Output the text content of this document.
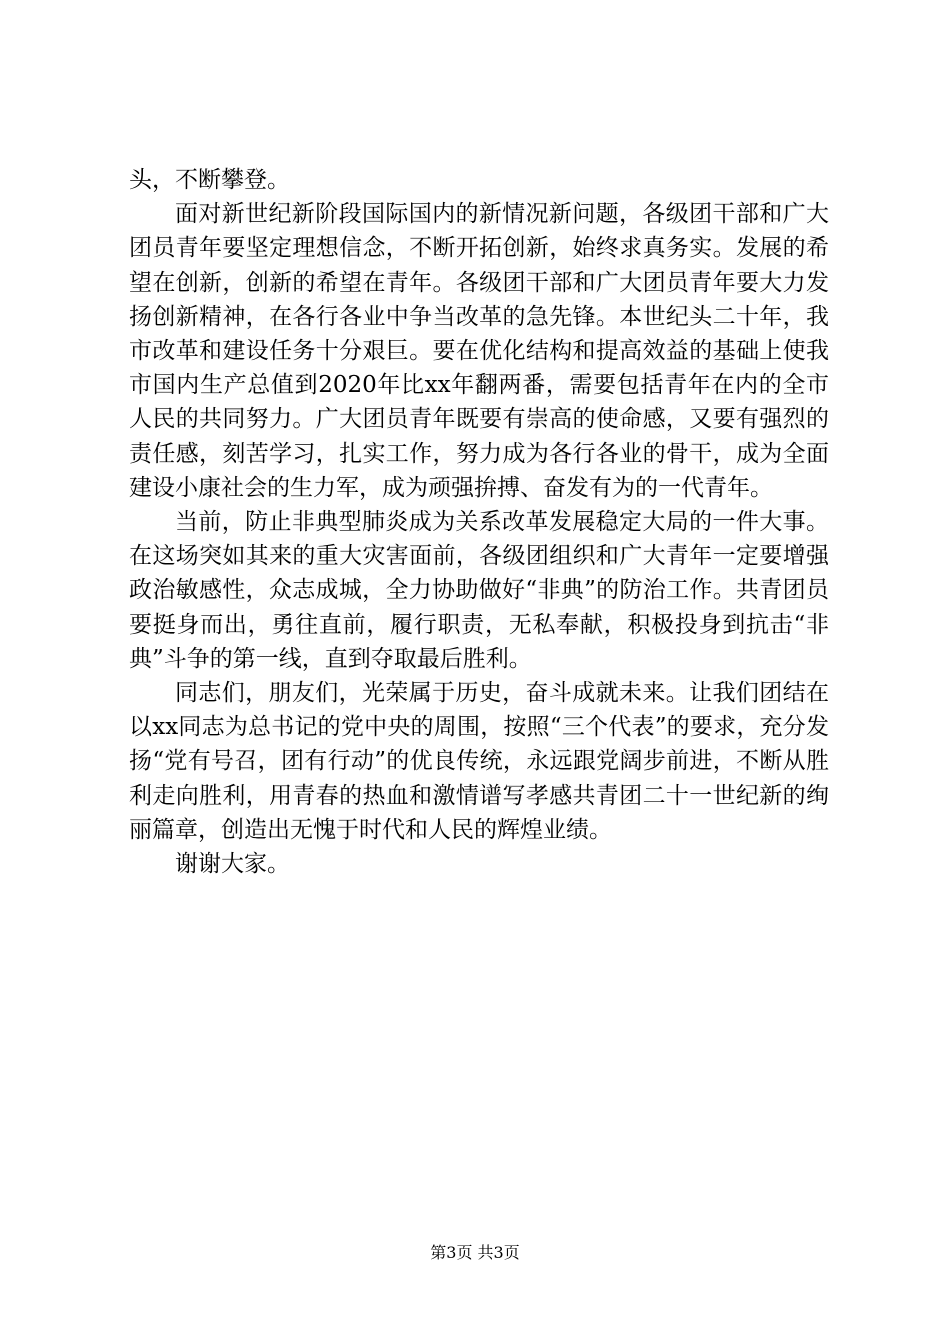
头，不断攀登。

面对新世纪新阶段国际国内的新情况新问题，各级团干部和广大团员青年要坚定理想信念，不断开拓创新，始终求真务实。发展的希望在创新，创新的希望在青年。各级团干部和广大团员青年要大力发扬创新精神，在各行各业中争当改革的急先锋。本世纪头二十年，我市改革和建设任务十分艰巨。要在优化结构和提高效益的基础上使我市国内生产总值到2020年比xx年翻两番，需要包括青年在内的全市人民的共同努力。广大团员青年既要有崇高的使命感，又要有强烈的责任感，刻苦学习，扎实工作，努力成为各行各业的骨干，成为全面建设小康社会的生力军，成为顽强拚搏、奋发有为的一代青年。

当前，防止非典型肺炎成为关系改革发展稳定大局的一件大事。在这场突如其来的重大灾害面前，各级团组织和广大青年一定要增强政治敏感性，众志成城，全力协助做好“非典”的防治工作。共青团员要挺身而出，勇往直前，履行职责，无私奉献，积极投身到抗击“非典”斗争的第一线，直到夺取最后胜利。

同志们，朋友们，光荣属于历史，奋斗成就未来。让我们团结在以xx同志为总书记的党中央的周围，按照“三个代表”的要求，充分发扬“党有号召，团有行动”的优良传统，永远跟党阔步前进，不断从胜利走向胜利，用青春的热血和激情谱写孝感共青团二十一世纪新的绚丽篇章，创造出无愧于时代和人民的辉煌业绩。

谢谢大家。

第3页 共3页
